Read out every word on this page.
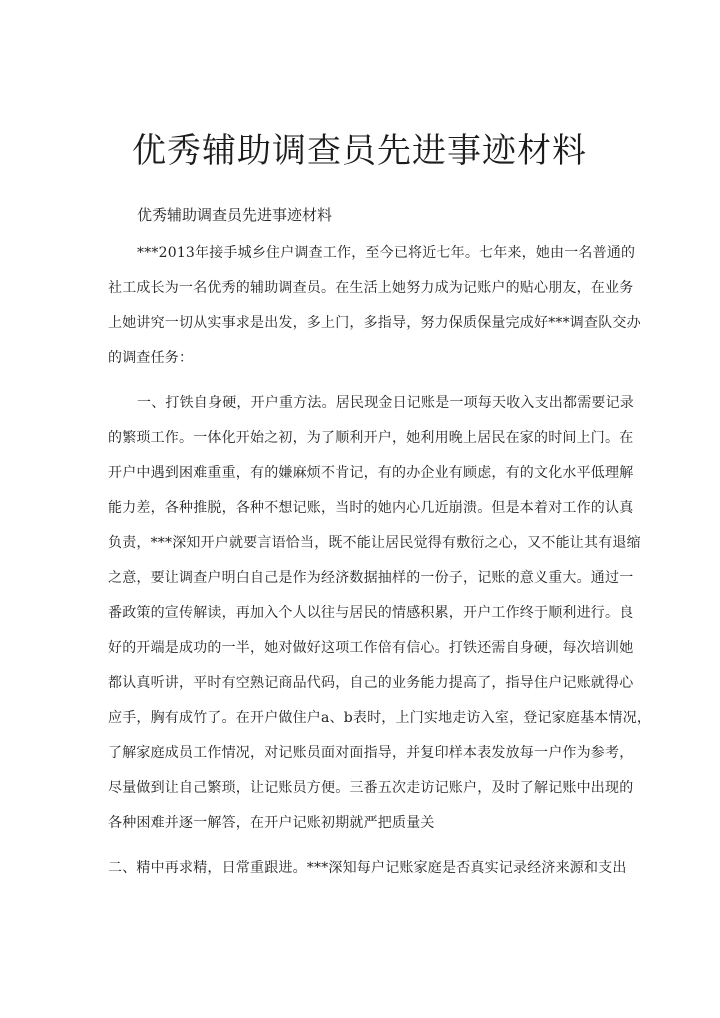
优秀辅助调查员先进事迹材料
优秀辅助调查员先进事迹材料
***2013年接手城乡住户调查工作，至今已将近七年。七年来，她由一名普通的
社工成长为一名优秀的辅助调查员。在生活上她努力成为记账户的贴心朋友，在业务
上她讲究一切从实事求是出发，多上门，多指导，努力保质保量完成好***调查队交办
的调查任务：
一、打铁自身硬，开户重方法。居民现金日记账是一项每天收入支出都需要记录
的繁琐工作。一体化开始之初，为了顺利开户，她利用晚上居民在家的时间上门。在
开户中遇到困难重重，有的嫌麻烦不肯记，有的办企业有顾虑，有的文化水平低理解
能力差，各种推脱，各种不想记账，当时的她内心几近崩溃。但是本着对工作的认真
负责，***深知开户就要言语恰当，既不能让居民觉得有敷衍之心，又不能让其有退缩
之意，要让调查户明白自己是作为经济数据抽样的一份子，记账的意义重大。通过一
番政策的宣传解读，再加入个人以往与居民的情感积累，开户工作终于顺利进行。良
好的开端是成功的一半，她对做好这项工作倍有信心。打铁还需自身硬，每次培训她
都认真听讲，平时有空熟记商品代码，自己的业务能力提高了，指导住户记账就得心
应手，胸有成竹了。在开户做住户a、b表时，上门实地走访入室，登记家庭基本情况，
了解家庭成员工作情况，对记账员面对面指导，并复印样本表发放每一户作为参考，
尽量做到让自己繁琐，让记账员方便。三番五次走访记账户，及时了解记账中出现的
各种困难并逐一解答，在开户记账初期就严把质量关
二、精中再求精，日常重跟进。***深知每户记账家庭是否真实记录经济来源和支出
